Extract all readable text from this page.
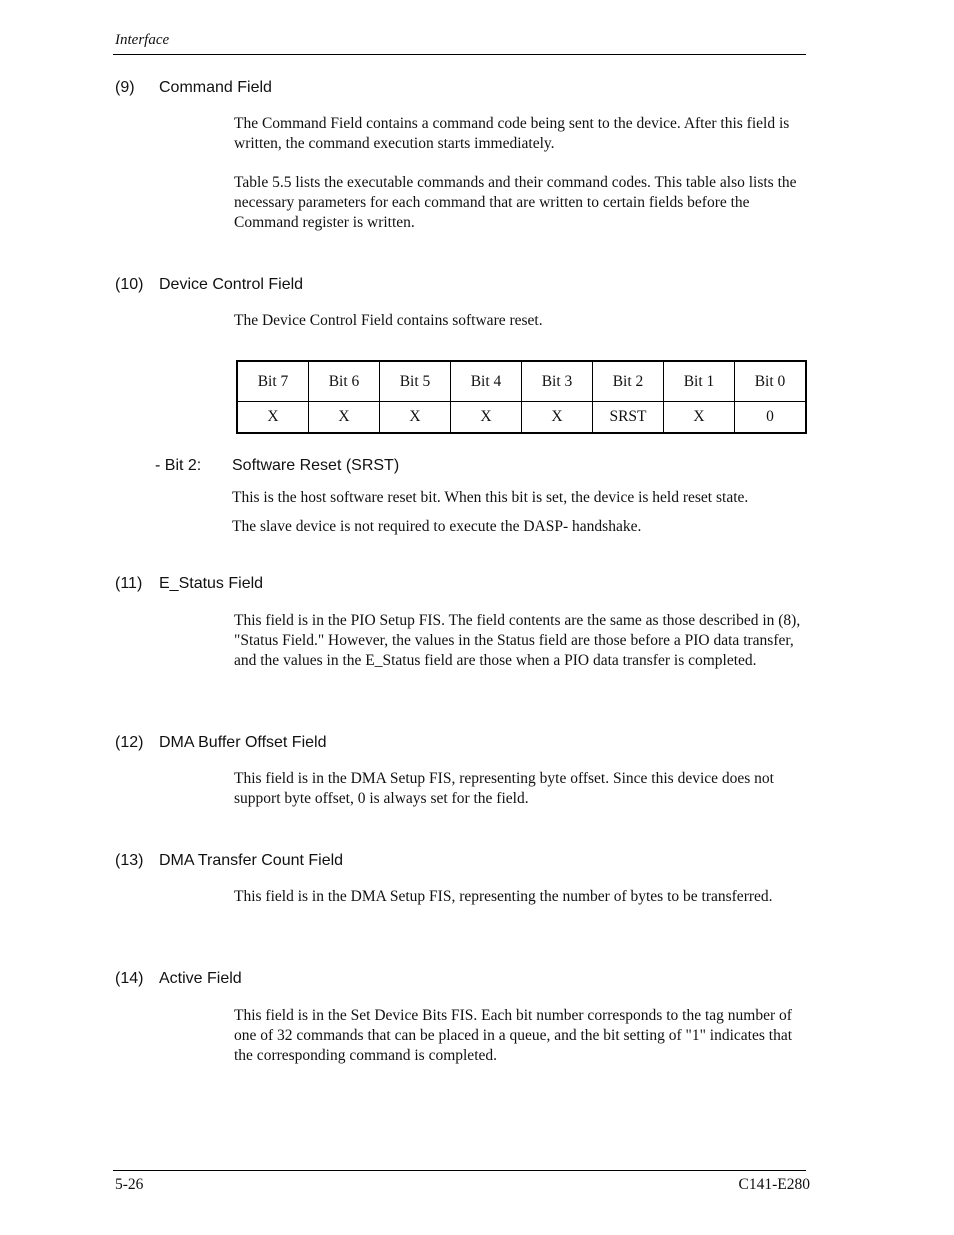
Interface
(9) Command Field
The Command Field contains a command code being sent to the device. After this field is written, the command execution starts immediately.
Table 5.5 lists the executable commands and their command codes. This table also lists the necessary parameters for each command that are written to certain fields before the Command register is written.
(10) Device Control Field
The Device Control Field contains software reset.
Bit 7	Bit 6	Bit 5	Bit 4	Bit 3	Bit 2	Bit 1	Bit 0
X	X	X	X	X	SRST	X	0
- Bit 2: Software Reset (SRST)
This is the host software reset bit. When this bit is set, the device is held reset state.
The slave device is not required to execute the DASP- handshake.
(11) E_Status Field
This field is in the PIO Setup FIS. The field contents are the same as those described in (8), "Status Field." However, the values in the Status field are those before a PIO data transfer, and the values in the E_Status field are those when a PIO data transfer is completed.
(12) DMA Buffer Offset Field
This field is in the DMA Setup FIS, representing byte offset. Since this device does not support byte offset, 0 is always set for the field.
(13) DMA Transfer Count Field
This field is in the DMA Setup FIS, representing the number of bytes to be transferred.
(14) Active Field
This field is in the Set Device Bits FIS. Each bit number corresponds to the tag number of one of 32 commands that can be placed in a queue, and the bit setting of "1" indicates that the corresponding command is completed.
5-26	C141-E280
